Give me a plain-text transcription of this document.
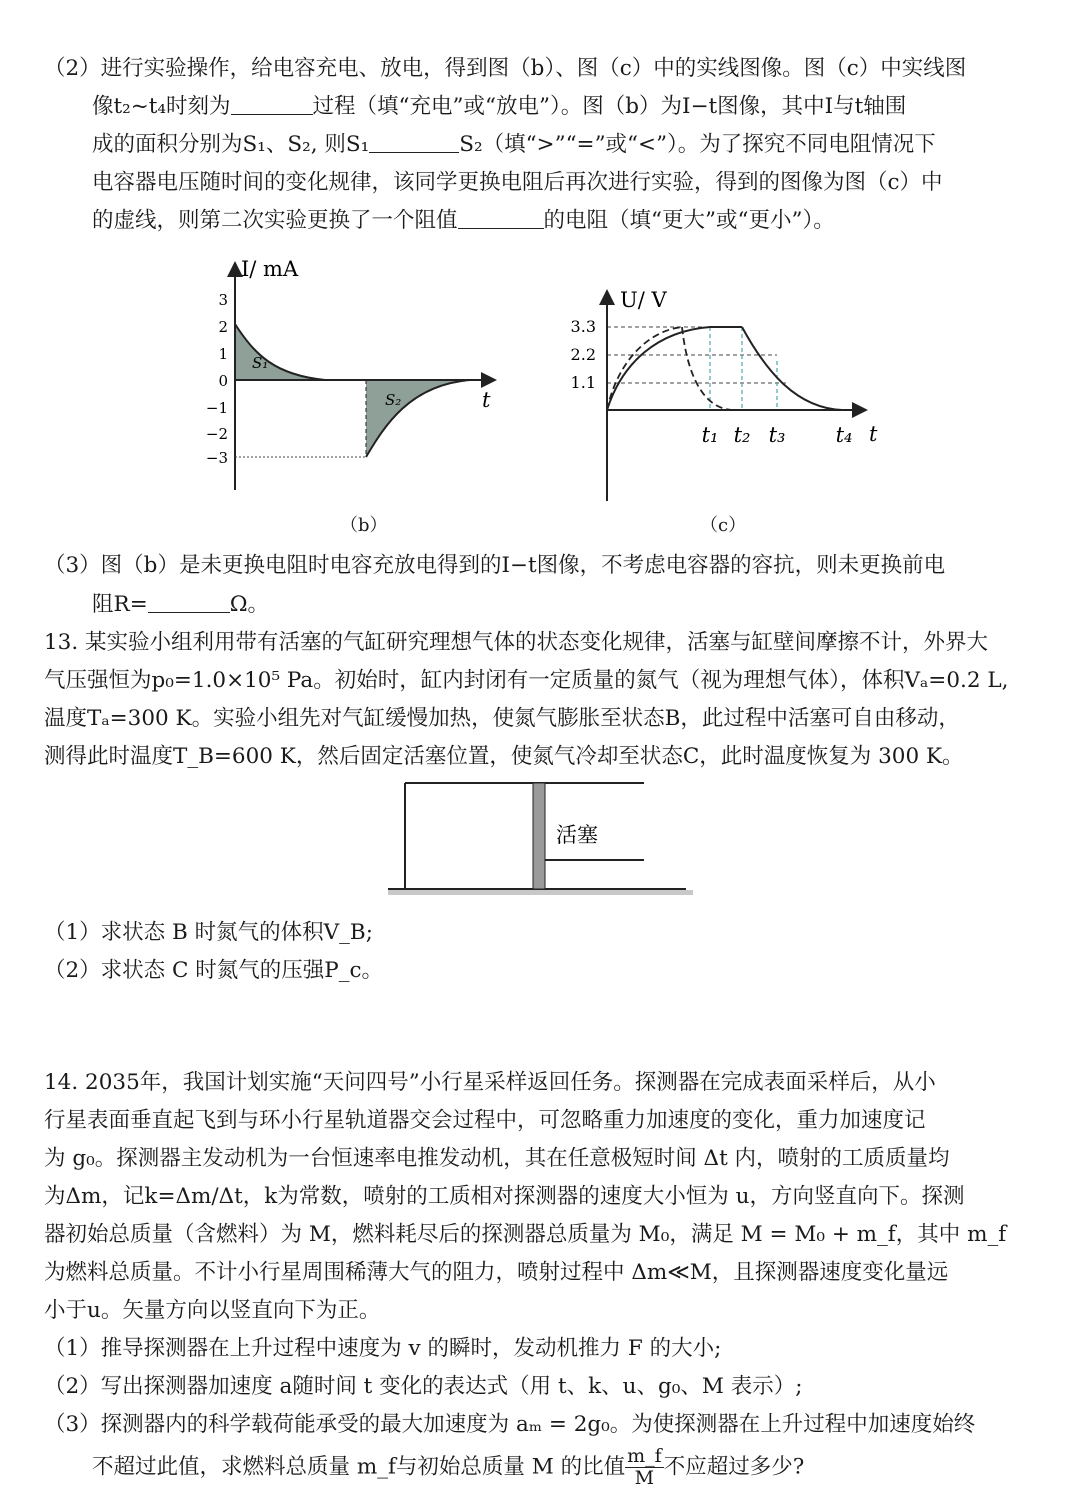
（2）进行实验操作，给电容充电、放电，得到图（b）、图（c）中的实线图像。图（c）中实线图
像t₂~t₄时刻为	过程（填“充电”或“放电”）。图（b）为I−t图像，其中I与t轴围
成的面积分别为S₁、S₂, 则S₁	S₂（填“>”“=”或“<”）。为了探究不同电阻情况下
电容器电压随时间的变化规律，该同学更换电阻后再次进行实验，得到的图像为图（c）中
的虚线，则第二次实验更换了一个阻值	的电阻（填“更大”或“更小”）。
3
2
1
0
−1
−2
−3
I/ mA
t
S₁
S₂
（b）
3.3
2.2
1.1
U/ V
t
t₁ t₂ t₃ t₄
（c）
（3）图（b）是未更换电阻时电容充放电得到的I−t图像，不考虑电容器的容抗，则未更换前电
阻R=	Ω。
13. 某实验小组利用带有活塞的气缸研究理想气体的状态变化规律，活塞与缸壁间摩擦不计，外界大
气压强恒为p₀=1.0×10⁵ Pa。初始时，缸内封闭有一定质量的氮气（视为理想气体），体积Vₐ=0.2 L,
温度Tₐ=300 K。实验小组先对气缸缓慢加热，使氮气膨胀至状态B，此过程中活塞可自由移动，
测得此时温度T_B=600 K，然后固定活塞位置，使氮气冷却至状态C，此时温度恢复为 300 K。
活塞
（1）求状态 B 时氮气的体积V_B;
（2）求状态 C 时氮气的压强P_c。
14. 2035年，我国计划实施“天问四号”小行星采样返回任务。探测器在完成表面采样后，从小
行星表面垂直起飞到与环小行星轨道器交会过程中，可忽略重力加速度的变化，重力加速度记
为 g₀。探测器主发动机为一台恒速率电推发动机，其在任意极短时间 Δt 内，喷射的工质质量均
为Δm，记k=Δm/Δt，k为常数，喷射的工质相对探测器的速度大小恒为 u，方向竖直向下。探测
器初始总质量（含燃料）为 M，燃料耗尽后的探测器总质量为 M₀，满足 M = M₀ + m_f，其中 m_f
为燃料总质量。不计小行星周围稀薄大气的阻力，喷射过程中 Δm≪M，且探测器速度变化量远
小于u。矢量方向以竖直向下为正。
（1）推导探测器在上升过程中速度为 v 的瞬时，发动机推力 F 的大小;
（2）写出探测器加速度 a随时间 t 变化的表达式（用 t、k、u、g₀、M 表示）;
（3）探测器内的科学载荷能承受的最大加速度为 aₘ = 2g₀。为使探测器在上升过程中加速度始终
不超过此值，求燃料总质量 m_f与初始总质量 M 的比值 $\frac{m\_f}{M}$ 不应超过多少?
